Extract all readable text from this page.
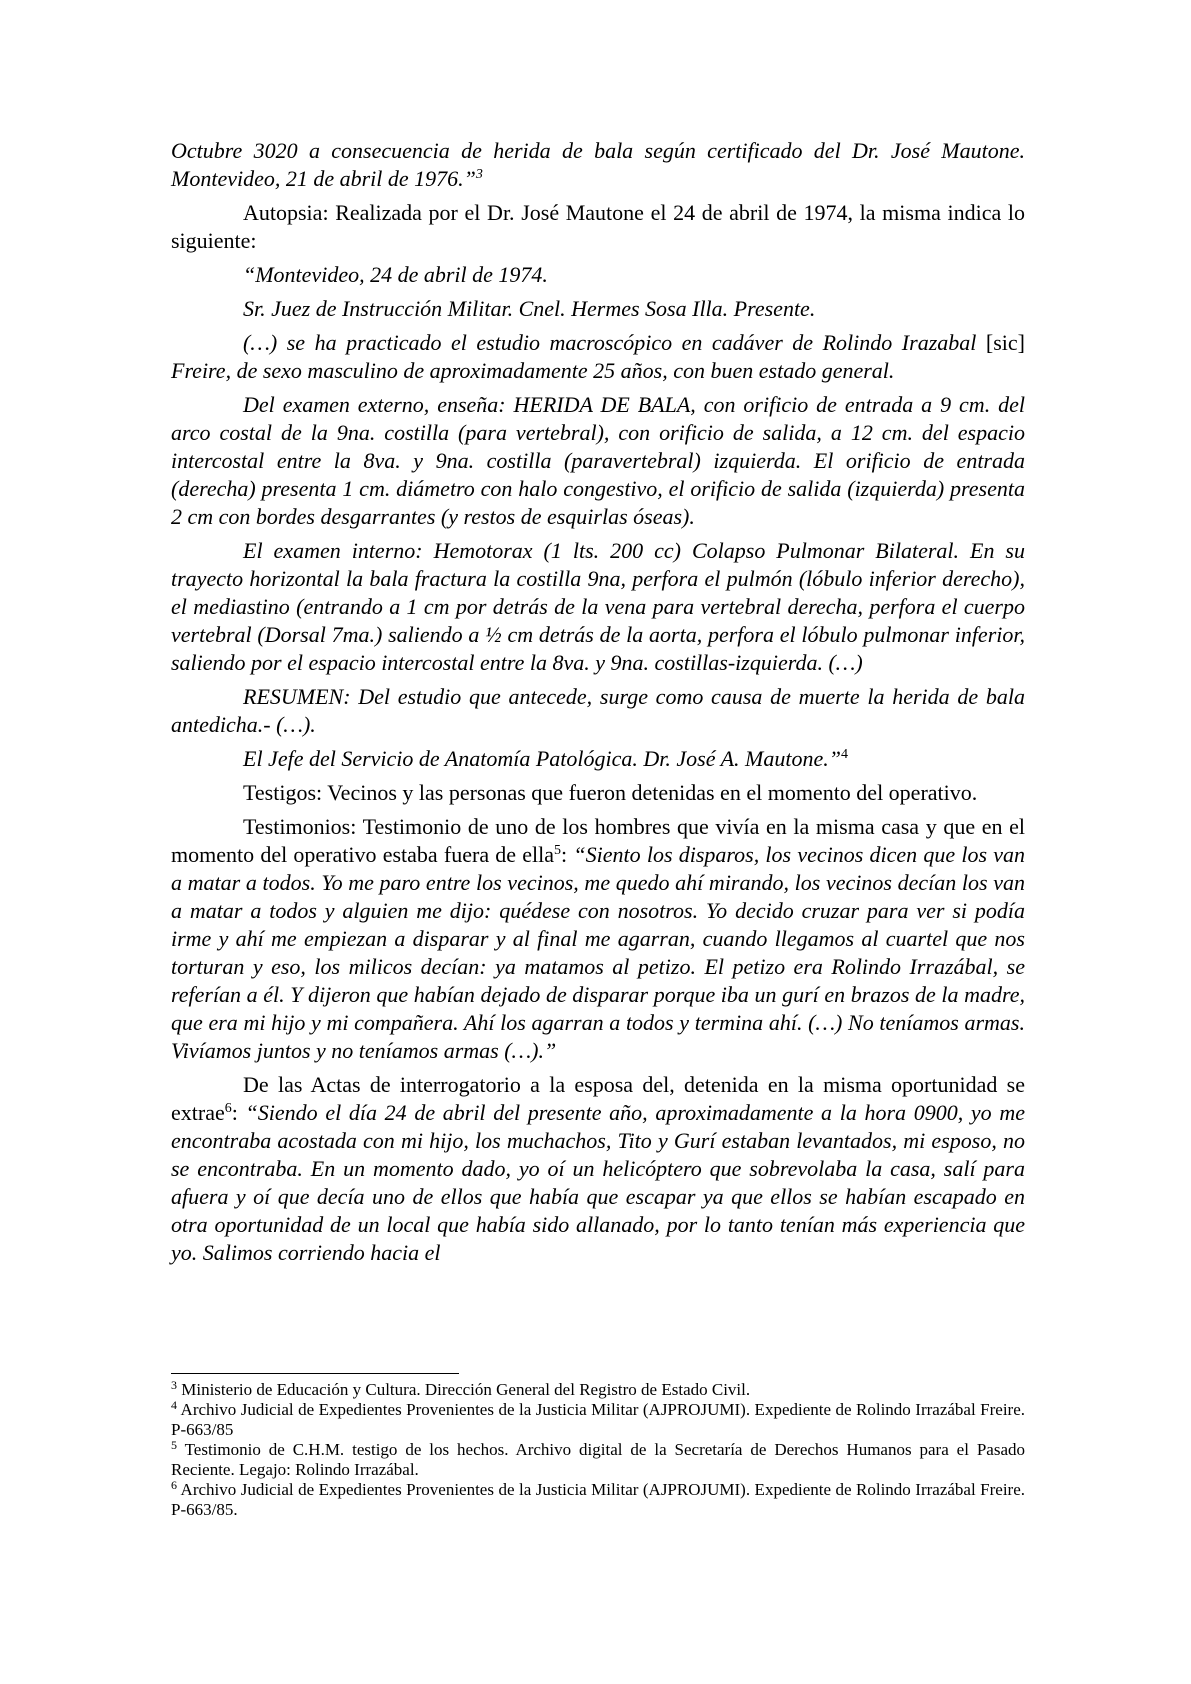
Octubre 3020 a consecuencia de herida de bala según certificado del Dr. José Mautone. Montevideo, 21 de abril de 1976.”$^3$

Autopsia: Realizada por el Dr. José Mautone el 24 de abril de 1974, la misma indica lo siguiente:

“Montevideo, 24 de abril de 1974.

Sr. Juez de Instrucción Militar. Cnel. Hermes Sosa Illa. Presente.

(…) se ha practicado el estudio macroscópico en cadáver de Rolindo Irazabal [sic] Freire, de sexo masculino de aproximadamente 25 años, con buen estado general.

Del examen externo, enseña: HERIDA DE BALA, con orificio de entrada a 9 cm. del arco costal de la 9na. costilla (para vertebral), con orificio de salida, a 12 cm. del espacio intercostal entre la 8va. y 9na. costilla (paravertebral) izquierda. El orificio de entrada (derecha) presenta 1 cm. diámetro con halo congestivo, el orificio de salida (izquierda) presenta 2 cm con bordes desgarrantes (y restos de esquirlas óseas).

El examen interno: Hemotorax (1 lts. 200 cc) Colapso Pulmonar Bilateral. En su trayecto horizontal la bala fractura la costilla 9na, perfora el pulmón (lóbulo inferior derecho), el mediastino (entrando a 1 cm por detrás de la vena para vertebral derecha, perfora el cuerpo vertebral (Dorsal 7ma.) saliendo a ½ cm detrás de la aorta, perfora el lóbulo pulmonar inferior, saliendo por el espacio intercostal entre la 8va. y 9na. costillas-izquierda. (…)

RESUMEN: Del estudio que antecede, surge como causa de muerte la herida de bala antedicha.- (…).

El Jefe del Servicio de Anatomía Patológica. Dr. José A. Mautone.”$^4$

Testigos: Vecinos y las personas que fueron detenidas en el momento del operativo.

Testimonios: Testimonio de uno de los hombres que vivía en la misma casa y que en el momento del operativo estaba fuera de ella$^5$: “Siento los disparos, los vecinos dicen que los van a matar a todos. Yo me paro entre los vecinos, me quedo ahí mirando, los vecinos decían los van a matar a todos y alguien me dijo: quédese con nosotros. Yo decido cruzar para ver si podía irme y ahí me empiezan a disparar y al final me agarran, cuando llegamos al cuartel que nos torturan y eso, los milicos decían: ya matamos al petizo. El petizo era Rolindo Irrazábal, se referían a él. Y dijeron que habían dejado de disparar porque iba un gurí en brazos de la madre, que era mi hijo y mi compañera. Ahí los agarran a todos y termina ahí. (…) No teníamos armas. Vivíamos juntos y no teníamos armas (…).”

De las Actas de interrogatorio a la esposa del, detenida en la misma oportunidad se extrae$^6$: “Siendo el día 24 de abril del presente año, aproximadamente a la hora 0900, yo me encontraba acostada con mi hijo, los muchachos, Tito y Gurí estaban levantados, mi esposo, no se encontraba. En un momento dado, yo oí un helicóptero que sobrevolaba la casa, salí para afuera y oí que decía uno de ellos que había que escapar ya que ellos se habían escapado en otra oportunidad de un local que había sido allanado, por lo tanto tenían más experiencia que yo. Salimos corriendo hacia el

$^3$ Ministerio de Educación y Cultura. Dirección General del Registro de Estado Civil.

$^4$ Archivo Judicial de Expedientes Provenientes de la Justicia Militar (AJPROJUMI). Expediente de Rolindo Irrazábal Freire. P-663/85

$^5$ Testimonio de C.H.M. testigo de los hechos. Archivo digital de la Secretaría de Derechos Humanos para el Pasado Reciente. Legajo: Rolindo Irrazábal.

$^6$ Archivo Judicial de Expedientes Provenientes de la Justicia Militar (AJPROJUMI). Expediente de Rolindo Irrazábal Freire. P-663/85.
